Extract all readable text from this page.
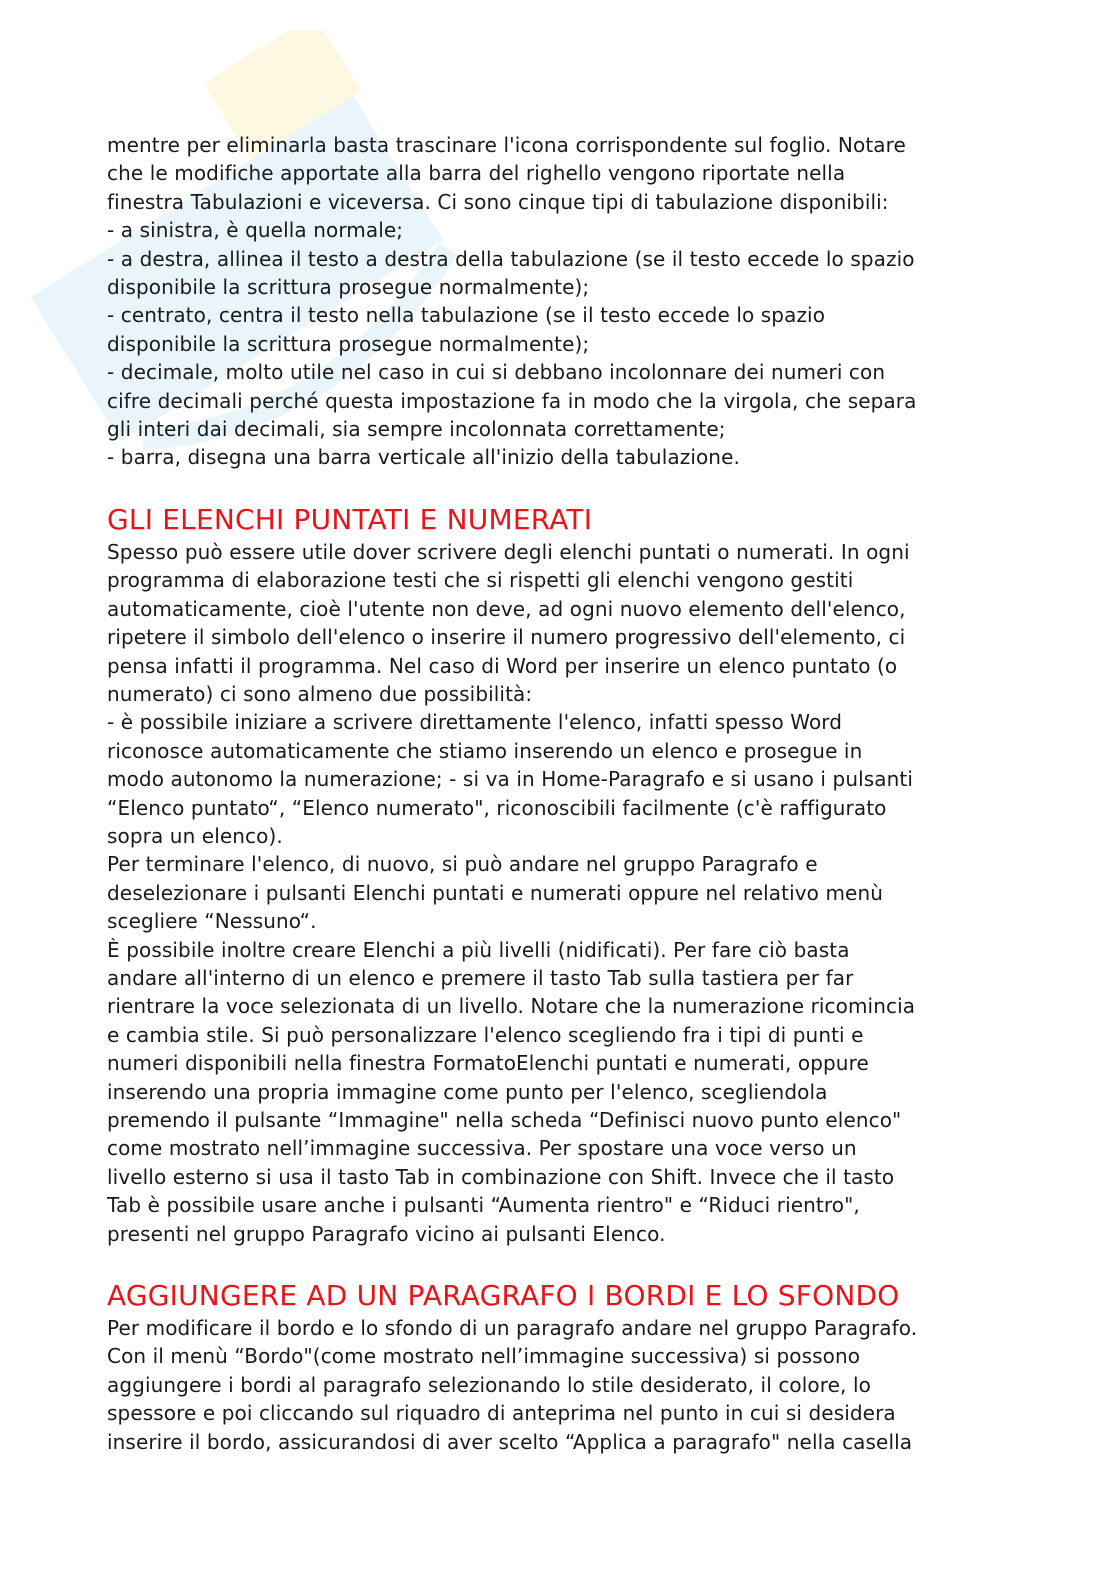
mentre per eliminarla basta trascinare l'icona corrispondente sul foglio. Notare
che le modifiche apportate alla barra del righello vengono riportate nella
finestra Tabulazioni e viceversa. Ci sono cinque tipi di tabulazione disponibili:
- a sinistra, è quella normale;
- a destra, allinea il testo a destra della tabulazione (se il testo eccede lo spazio
disponibile la scrittura prosegue normalmente);
- centrato, centra il testo nella tabulazione (se il testo eccede lo spazio
disponibile la scrittura prosegue normalmente);
- decimale, molto utile nel caso in cui si debbano incolonnare dei numeri con
cifre decimali perché questa impostazione fa in modo che la virgola, che separa
gli interi dai decimali, sia sempre incolonnata correttamente;
- barra, disegna una barra verticale all'inizio della tabulazione.
GLI ELENCHI PUNTATI E NUMERATI
Spesso può essere utile dover scrivere degli elenchi puntati o numerati. In ogni
programma di elaborazione testi che si rispetti gli elenchi vengono gestiti
automaticamente, cioè l'utente non deve, ad ogni nuovo elemento dell'elenco,
ripetere il simbolo dell'elenco o inserire il numero progressivo dell'elemento, ci
pensa infatti il programma. Nel caso di Word per inserire un elenco puntato (o
numerato) ci sono almeno due possibilità:
- è possibile iniziare a scrivere direttamente l'elenco, infatti spesso Word
riconosce automaticamente che stiamo inserendo un elenco e prosegue in
modo autonomo la numerazione; - si va in Home-Paragrafo e si usano i pulsanti
“Elenco puntato“, “Elenco numerato", riconoscibili facilmente (c'è raffigurato
sopra un elenco).
Per terminare l'elenco, di nuovo, si può andare nel gruppo Paragrafo e
deselezionare i pulsanti Elenchi puntati e numerati oppure nel relativo menù
scegliere “Nessuno“.
È possibile inoltre creare Elenchi a più livelli (nidificati). Per fare ciò basta
andare all'interno di un elenco e premere il tasto Tab sulla tastiera per far
rientrare la voce selezionata di un livello. Notare che la numerazione ricomincia
e cambia stile. Si può personalizzare l'elenco scegliendo fra i tipi di punti e
numeri disponibili nella finestra FormatoElenchi puntati e numerati, oppure
inserendo una propria immagine come punto per l'elenco, scegliendola
premendo il pulsante “Immagine" nella scheda “Definisci nuovo punto elenco"
come mostrato nell’immagine successiva. Per spostare una voce verso un
livello esterno si usa il tasto Tab in combinazione con Shift. Invece che il tasto
Tab è possibile usare anche i pulsanti “Aumenta rientro" e “Riduci rientro",
presenti nel gruppo Paragrafo vicino ai pulsanti Elenco.
AGGIUNGERE AD UN PARAGRAFO I BORDI E LO SFONDO
Per modificare il bordo e lo sfondo di un paragrafo andare nel gruppo Paragrafo.
Con il menù “Bordo"(come mostrato nell’immagine successiva) si possono
aggiungere i bordi al paragrafo selezionando lo stile desiderato, il colore, lo
spessore e poi cliccando sul riquadro di anteprima nel punto in cui si desidera
inserire il bordo, assicurandosi di aver scelto “Applica a paragrafo" nella casella
